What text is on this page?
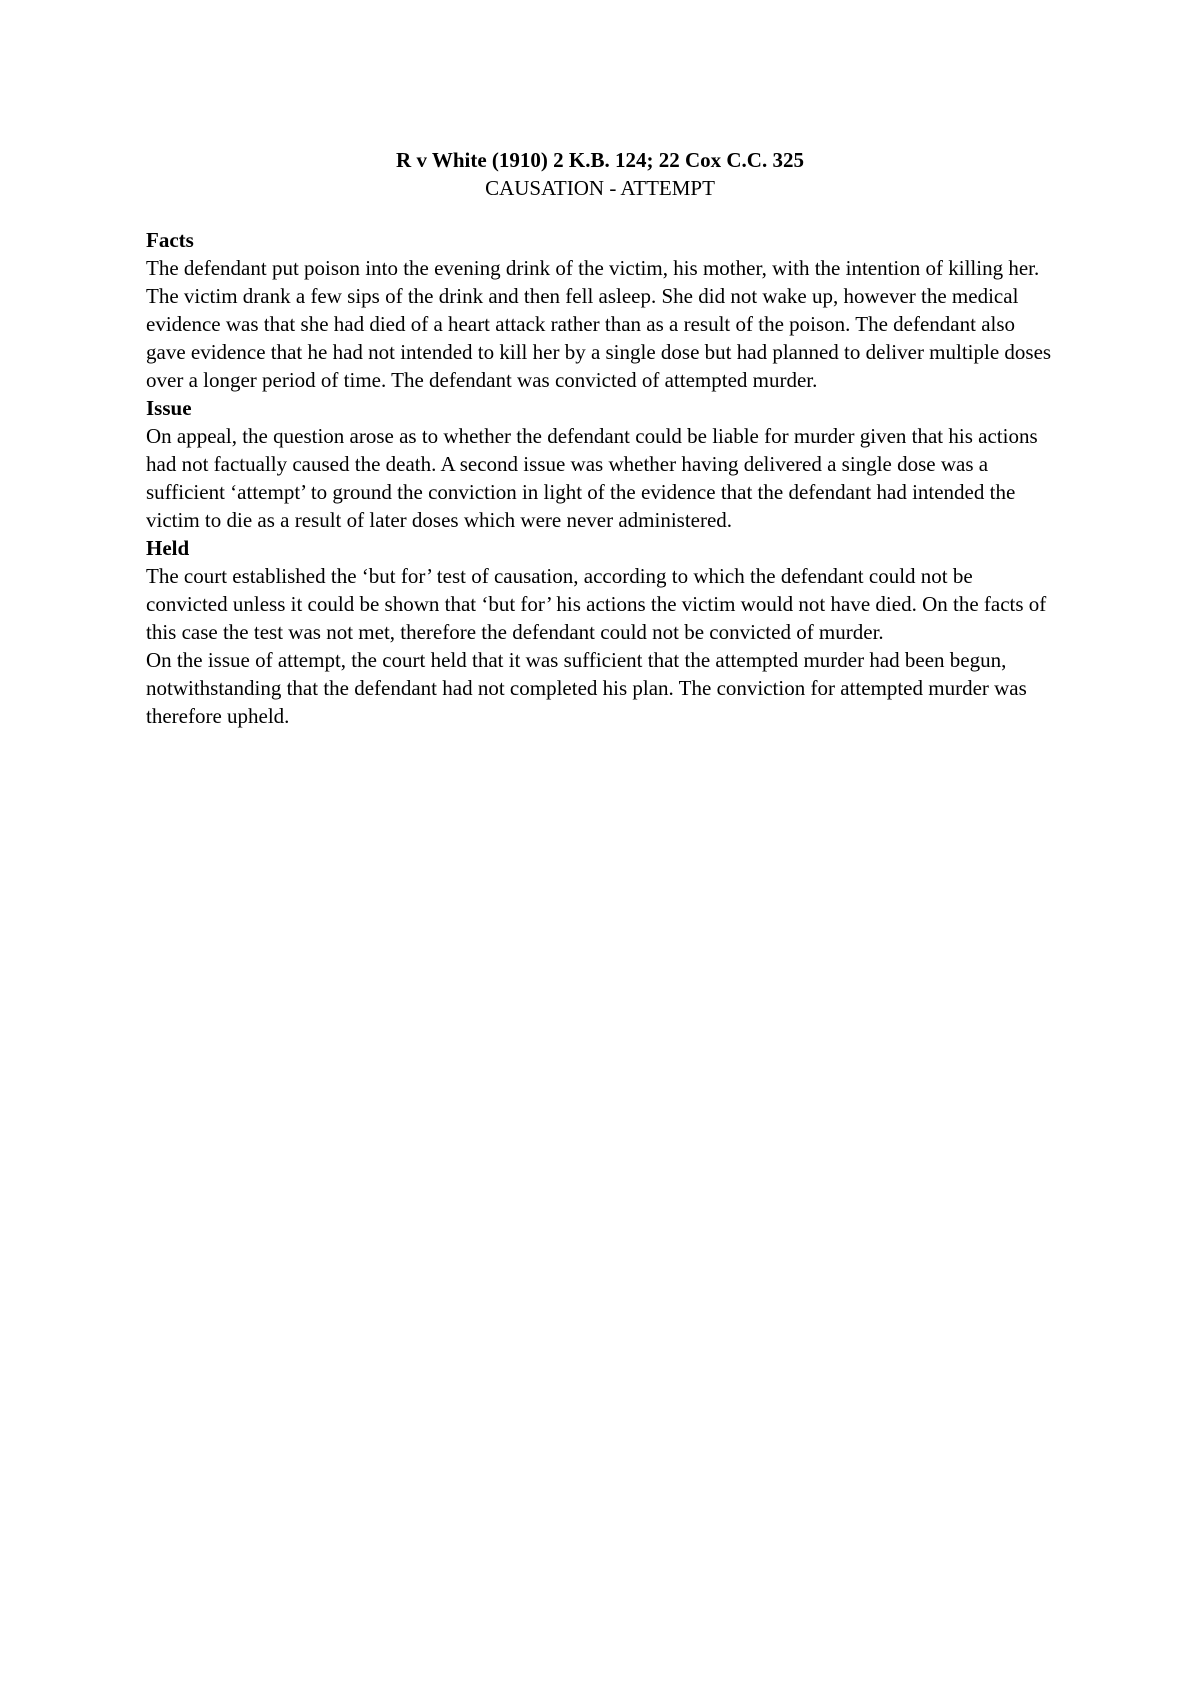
R v White (1910) 2 K.B. 124; 22 Cox C.C. 325
CAUSATION - ATTEMPT
Facts

The defendant put poison into the evening drink of the victim, his mother, with the intention of killing her. The victim drank a few sips of the drink and then fell asleep. She did not wake up, however the medical evidence was that she had died of a heart attack rather than as a result of the poison. The defendant also gave evidence that he had not intended to kill her by a single dose but had planned to deliver multiple doses over a longer period of time. The defendant was convicted of attempted murder.

Issue

On appeal, the question arose as to whether the defendant could be liable for murder given that his actions had not factually caused the death. A second issue was whether having delivered a single dose was a sufficient ‘attempt’ to ground the conviction in light of the evidence that the defendant had intended the victim to die as a result of later doses which were never administered.

Held

The court established the ‘but for’ test of causation, according to which the defendant could not be convicted unless it could be shown that ‘but for’ his actions the victim would not have died. On the facts of this case the test was not met, therefore the defendant could not be convicted of murder.

On the issue of attempt, the court held that it was sufficient that the attempted murder had been begun, notwithstanding that the defendant had not completed his plan. The conviction for attempted murder was therefore upheld.
